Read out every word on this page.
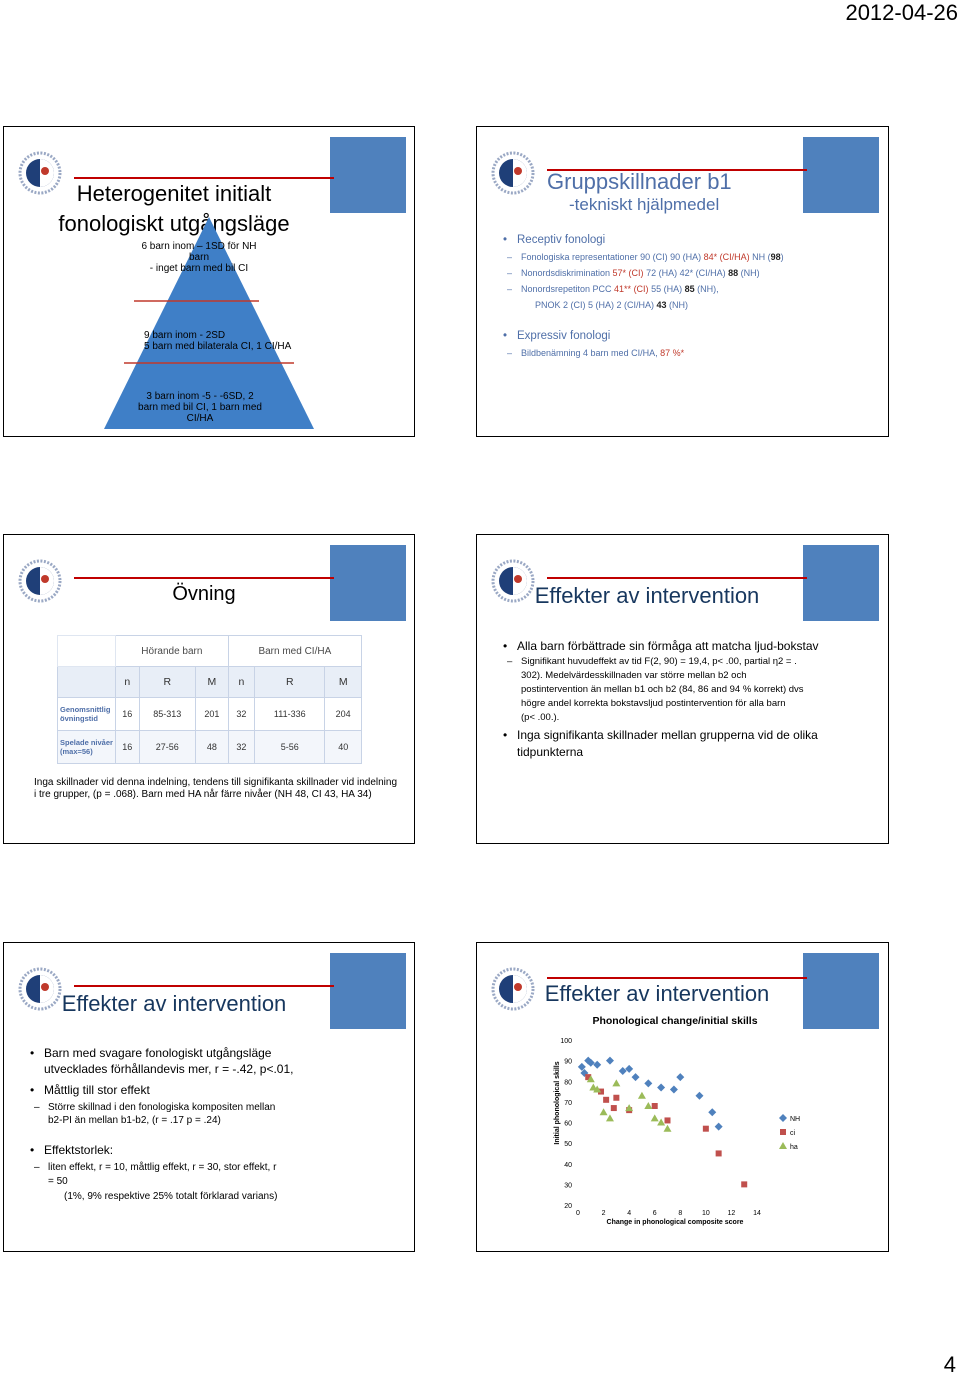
2012-04-26
Heterogenitet initialt
fonologiskt utgångsläge
6 barn inom – 1SD för NH
barn
- inget barn med bil CI
9 barn inom - 2SD
5 barn med bilaterala CI, 1 CI/HA
3 barn inom -5 - -6SD, 2
barn med bil CI, 1 barn med
CI/HA
Gruppskillnader b1
-tekniskt hjälpmedel
• Receptiv fonologi
– Fonologiska representationer 90 (CI) 90 (HA) 84* (CI/HA) NH (98)
– Nonordsdiskrimination 57* (CI) 72 (HA) 42* (CI/HA) 88 (NH)
– Nonordsrepetiton PCC 41** (CI) 55 (HA) 85 (NH),
PNOK 2 (CI) 5 (HA) 2 (CI/HA) 43 (NH)
• Expressiv fonologi
– Bildbenämning 4 barn med CI/HA, 87 %*
Övning
	Hörande barn			Barn med CI/HA		
	n	R	M	n	R	M
Genomsnittlig övningstid	16	85-313	201	32	111-336	204
Spelade nivåer (max=56)	16	27-56	48	32	5-56	40
Inga skillnader vid denna indelning, tendens till signifikanta skillnader vid indelning
i tre grupper, (p = .068). Barn med HA når färre nivåer (NH 48, CI 43, HA 34)
Effekter av intervention
• Alla barn förbättrade sin förmåga att matcha ljud-bokstav
– Signifikant huvudeffekt av tid F(2, 90) = 19,4, p< .00, partial η2 = .
302). Medelvärdesskillnaden var större mellan b2 och
postintervention än mellan b1 och b2 (84, 86 and 94 % korrekt) dvs
högre andel korrekta bokstavsljud postintervention för alla barn
(p< .00.).
• Inga signifikanta skillnader mellan grupperna vid de olika
tidpunkterna
Effekter av intervention
• Barn med svagare fonologiskt utgångsläge
utvecklades förhållandevis mer, r = -.42, p<.01,
• Måttlig till stor effekt
– Större skillnad i den fonologiska kompositen mellan
b2-PI än mellan b1-b2, (r = .17 p = .24)
• Effektstorlek:
– liten effekt, r = 10, måttlig effekt, r = 30, stor effekt, r
= 50
(1%, 9% respektive 25% totalt förklarad varians)
Effekter av intervention
Phonological change/initial skills
Change in phonological composite score
Initial phonological skills
20
30
40
50
60
70
80
90
100
0	2	4	6	8	10	12	14
NH
ci
ha
4
